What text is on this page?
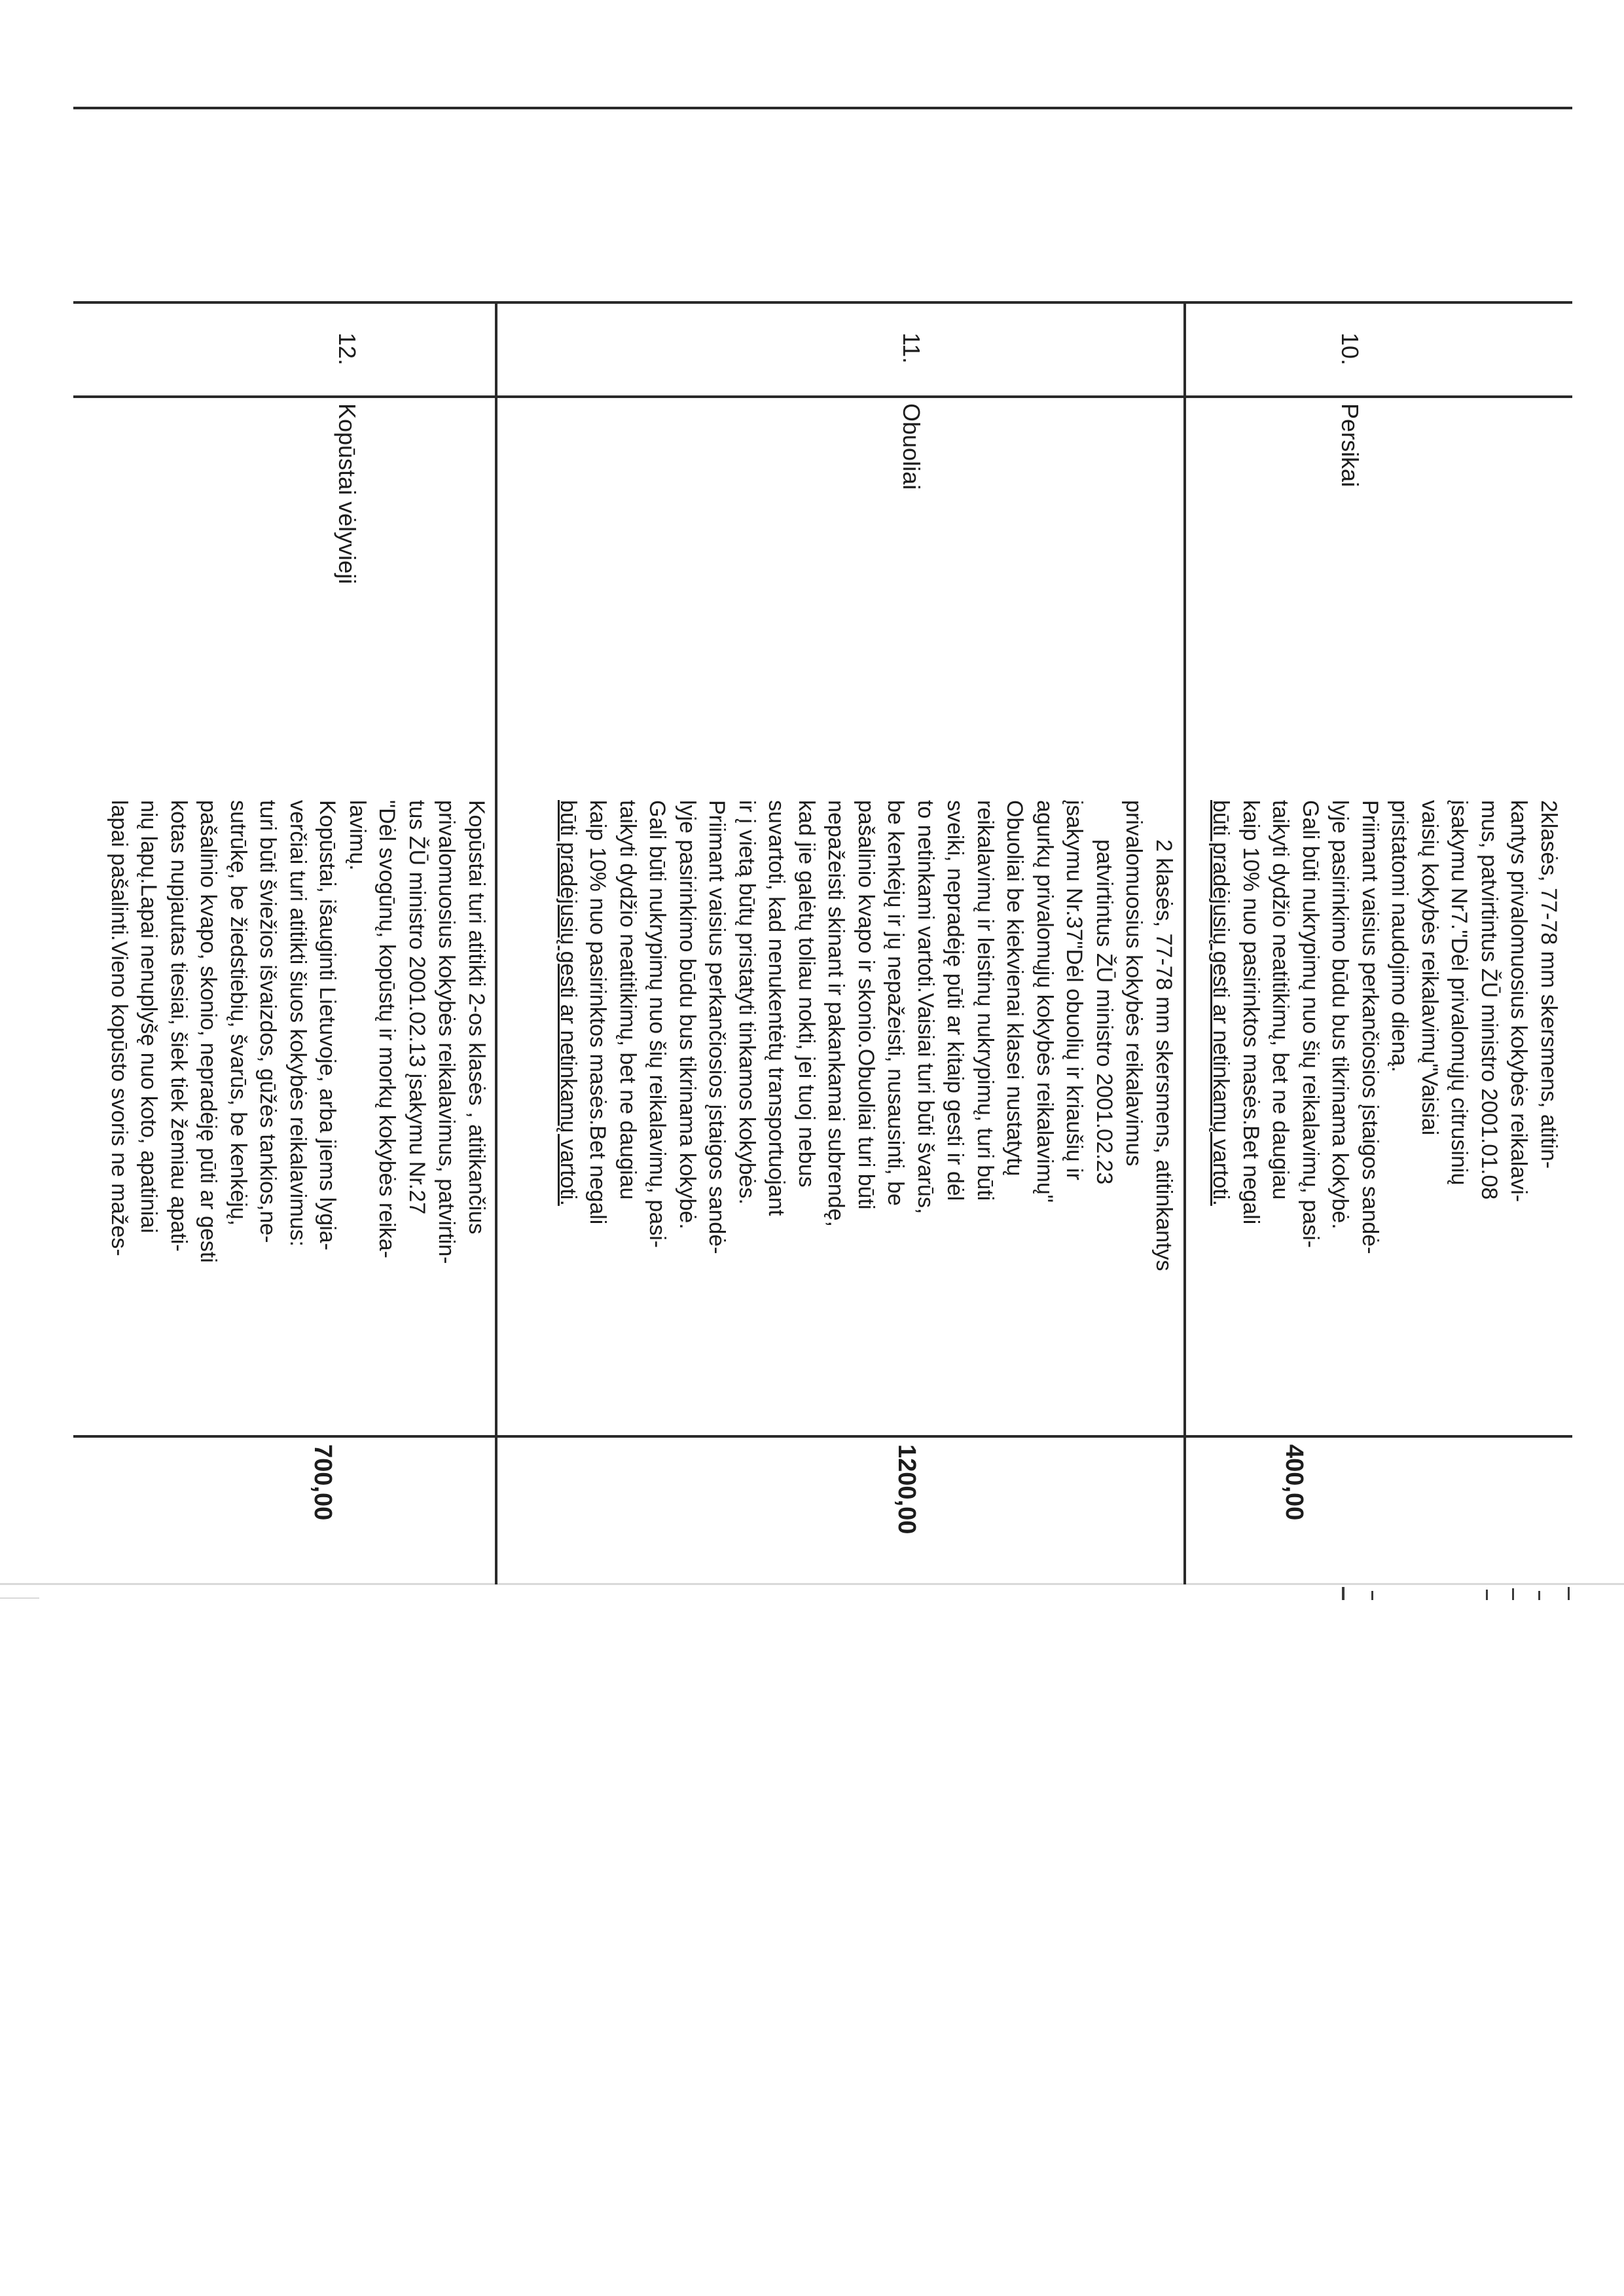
10.
Persikai
2klasės, 77-78 mm skersmens, atitin-
kantys privalomuosius kokybės reikalavi-
mus, patvirtintus ŽŪ ministro 2001.01.08
įsakymu Nr7."Dėl privalomųjų citrusinių
vaisių kokybės reikalavimų"Vaisiai
pristatomi naudojimo dieną.
Priimant vaisius perkančiosios įstaigos sandė-
lyje pasirinkimo būdu bus tikrinama kokybė.
Gali būti nukrypimų nuo šių reikalavimų, pasi-
taikyti dydžio neatitikimų, bet ne daugiau
kaip 10% nuo pasirinktos masės.Bet negali
būti pradėjusių gesti ar netinkamų vartoti.
400,00
11.
Obuoliai
2 klasės, 77-78 mm skersmens, atitinkantys
privalomuosius kokybės reikalavimus
patvirtintus ŽŪ ministro 2001.02.23
įsakymu Nr.37"Dėl obuolių ir kriaušių ir
agurkų privalomųjų kokybės reikalavimų"
Obuoliai be kiekvienai klasei nustatytų
reikalavimų ir leistinų nukrypimų, turi būti
sveiki, nepradėję pūti ar kitaip gesti ir dėl
to netinkami vartoti.Vaisiai turi būti švarūs,
be kenkėjų ir jų nepažeisti, nusausinti, be
pašalinio kvapo ir skonio.Obuoliai turi būti
nepažeisti skinant ir pakankamai subrendę,
kad jie galėtų toliau nokti, jei tuoj nebus
suvartoti, kad nenukentėtų transportuojant
ir į vietą būtų pristatyti tinkamos kokybės.
Priimant vaisius perkančiosios įstaigos sandė-
lyje pasirinkimo būdu bus tikrinama kokybė.
Gali būti nukrypimų nuo šių reikalavimų, pasi-
taikyti dydžio neatitikimų, bet ne daugiau
kaip 10% nuo pasirinktos masės.Bet negali
būti pradėjusių gesti ar netinkamų vartoti.
1200,00
12.
Kopūstai vėlyvieji
Kopūstai turi atitikti 2-os klasės , atitikančius
privalomuosius kokybės reikalavimus, patvirtin-
tus ŽŪ ministro 2001.02.13 įsakymu Nr.27
"Dėl svogūnų, kopūstų ir morkų kokybės reika-
lavimų.
Kopūstai, išauginti Lietuvoje, arba jiems lygia-
verčiai turi atitikti šiuos kokybės reikalavimus:
turi būti šviežios išvaizdos, gūžės tankios,ne-
sutrūkę, be žiedstiebių, švarūs, be kenkėjų,
pašalinio kvapo, skonio, nepradėję pūti ar gesti
kotas nupjautas tiesiai, šiek tiek žemiau apati-
nių lapų.Lapai nenuplyšę nuo koto, apatiniai
lapai pašalinti.Vieno kopūsto svoris ne mažes-
700,00
